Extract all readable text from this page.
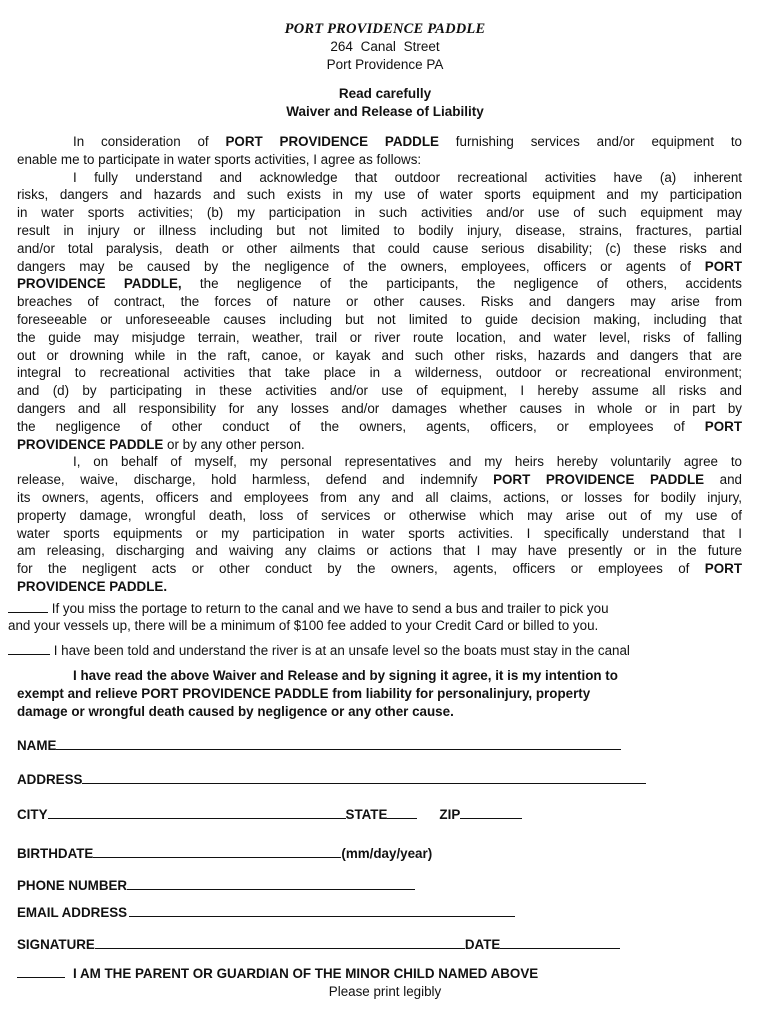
PORT PROVIDENCE PADDLE
264 Canal Street
Port Providence PA
Read carefully
Waiver and Release of Liability
In consideration of PORT PROVIDENCE PADDLE furnishing services and/or equipment to
enable me to participate in water sports activities, I agree as follows:
I fully understand and acknowledge that outdoor recreational activities have (a) inherent
risks, dangers and hazards and such exists in my use of water sports equipment and my participation
in water sports activities; (b) my participation in such activities and/or use of such equipment may
result in injury or illness including but not limited to bodily injury, disease, strains, fractures, partial
and/or total paralysis, death or other ailments that could cause serious disability; (c) these risks and
dangers may be caused by the negligence of the owners, employees, officers or agents of PORT
PROVIDENCE PADDLE, the negligence of the participants, the negligence of others, accidents
breaches of contract, the forces of nature or other causes. Risks and dangers may arise from
foreseeable or unforeseeable causes including but not limited to guide decision making, including that
the guide may misjudge terrain, weather, trail or river route location, and water level, risks of falling
out or drowning while in the raft, canoe, or kayak and such other risks, hazards and dangers that are
integral to recreational activities that take place in a wilderness, outdoor or recreational environment;
and (d) by participating in these activities and/or use of equipment, I hereby assume all risks and
dangers and all responsibility for any losses and/or damages whether causes in whole or in part by
the negligence of other conduct of the owners, agents, officers, or employees of PORT
PROVIDENCE PADDLE or by any other person.
I, on behalf of myself, my personal representatives and my heirs hereby voluntarily agree to
release, waive, discharge, hold harmless, defend and indemnify PORT PROVIDENCE PADDLE and
its owners, agents, officers and employees from any and all claims, actions, or losses for bodily injury,
property damage, wrongful death, loss of services or otherwise which may arise out of my use of
water sports equipments or my participation in water sports activities. I specifically understand that I
am releasing, discharging and waiving any claims or actions that I may have presently or in the future
for the negligent acts or other conduct by the owners, agents, officers or employees of PORT
PROVIDENCE PADDLE.
If you miss the portage to return to the canal and we have to send a bus and trailer to pick you
and your vessels up, there will be a minimum of $100 fee added to your Credit Card or billed to you.
I have been told and understand the river is at an unsafe level so the boats must stay in the canal
I have read the above Waiver and Release and by signing it agree, it is my intention to
exempt and relieve PORT PROVIDENCE PADDLE from liability for personalinjury, property
damage or wrongful death caused by negligence or any other cause.
NAME
ADDRESS
CITY	STATE	ZIP
BIRTHDATE	(mm/day/year)
PHONE NUMBER
EMAIL ADDRESS
SIGNATURE	DATE
I AM THE PARENT OR GUARDIAN OF THE MINOR CHILD NAMED ABOVE
Please print legibly
